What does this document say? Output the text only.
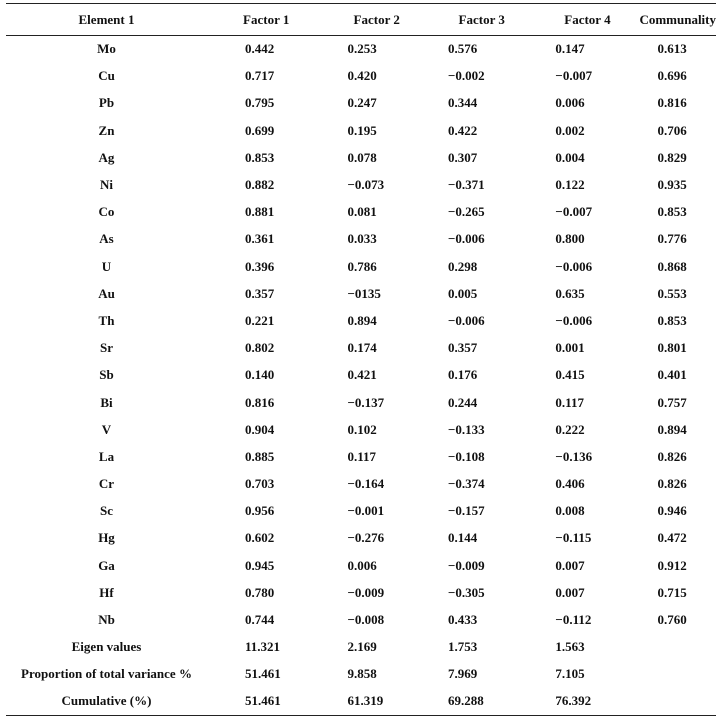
Element 1	Factor 1	Factor 2	Factor 3	Factor 4	Communality
Mo	0.442	0.253	0.576	0.147	0.613
Cu	0.717	0.420	−0.002	−0.007	0.696
Pb	0.795	0.247	0.344	0.006	0.816
Zn	0.699	0.195	0.422	0.002	0.706
Ag	0.853	0.078	0.307	0.004	0.829
Ni	0.882	−0.073	−0.371	0.122	0.935
Co	0.881	0.081	−0.265	−0.007	0.853
As	0.361	0.033	−0.006	0.800	0.776
U	0.396	0.786	0.298	−0.006	0.868
Au	0.357	−0135	0.005	0.635	0.553
Th	0.221	0.894	−0.006	−0.006	0.853
Sr	0.802	0.174	0.357	0.001	0.801
Sb	0.140	0.421	0.176	0.415	0.401
Bi	0.816	−0.137	0.244	0.117	0.757
V	0.904	0.102	−0.133	0.222	0.894
La	0.885	0.117	−0.108	−0.136	0.826
Cr	0.703	−0.164	−0.374	0.406	0.826
Sc	0.956	−0.001	−0.157	0.008	0.946
Hg	0.602	−0.276	0.144	−0.115	0.472
Ga	0.945	0.006	−0.009	0.007	0.912
Hf	0.780	−0.009	−0.305	0.007	0.715
Nb	0.744	−0.008	0.433	−0.112	0.760
Eigen values	11.321	2.169	1.753	1.563	
Proportion of total variance %	51.461	9.858	7.969	7.105	
Cumulative (%)	51.461	61.319	69.288	76.392	
